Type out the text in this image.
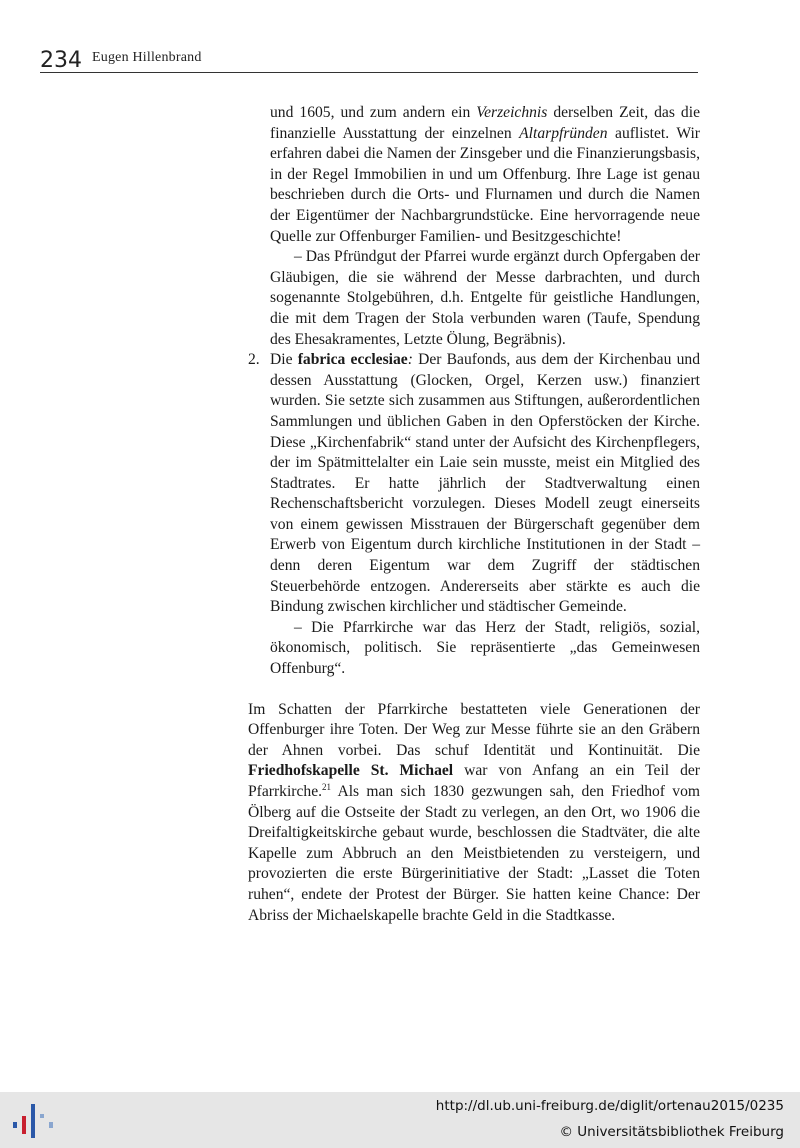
234 Eugen Hillenbrand

und 1605, und zum andern ein Verzeichnis derselben Zeit, das die finanzielle Ausstattung der einzelnen Altarpfründen auflistet. Wir erfahren dabei die Namen der Zinsgeber und die Finanzierungsbasis, in der Regel Immobilien in und um Offenburg. Ihre Lage ist genau beschrieben durch die Orts- und Flurnamen und durch die Namen der Eigentümer der Nachbargrundstücke. Eine hervorragende neue Quelle zur Offenburger Familien- und Besitzgeschichte!

– Das Pfründgut der Pfarrei wurde ergänzt durch Opfergaben der Gläubigen, die sie während der Messe darbrachten, und durch sogenannte Stolgebühren, d.h. Entgelte für geistliche Handlungen, die mit dem Tragen der Stola verbunden waren (Taufe, Spendung des Ehesakramentes, Letzte Ölung, Begräbnis).

2. Die fabrica ecclesiae: Der Baufonds, aus dem der Kirchenbau und dessen Ausstattung (Glocken, Orgel, Kerzen usw.) finanziert wurden. Sie setzte sich zusammen aus Stiftungen, außerordentlichen Sammlungen und üblichen Gaben in den Opferstöcken der Kirche. Diese „Kirchenfabrik“ stand unter der Aufsicht des Kirchenpflegers, der im Spätmittelalter ein Laie sein musste, meist ein Mitglied des Stadtrates. Er hatte jährlich der Stadtverwaltung einen Rechenschaftsbericht vorzulegen. Dieses Modell zeugt einerseits von einem gewissen Misstrauen der Bürgerschaft gegenüber dem Erwerb von Eigentum durch kirchliche Institutionen in der Stadt – denn deren Eigentum war dem Zugriff der städtischen Steuerbehörde entzogen. Andererseits aber stärkte es auch die Bindung zwischen kirchlicher und städtischer Gemeinde.

– Die Pfarrkirche war das Herz der Stadt, religiös, sozial, ökonomisch, politisch. Sie repräsentierte „das Gemeinwesen Offenburg“.

Im Schatten der Pfarrkirche bestatteten viele Generationen der Offenburger ihre Toten. Der Weg zur Messe führte sie an den Gräbern der Ahnen vorbei. Das schuf Identität und Kontinuität. Die Friedhofskapelle St. Michael war von Anfang an ein Teil der Pfarrkirche.$^{21}$ Als man sich 1830 gezwungen sah, den Friedhof vom Ölberg auf die Ostseite der Stadt zu verlegen, an den Ort, wo 1906 die Dreifaltigkeitskirche gebaut wurde, beschlossen die Stadtväter, die alte Kapelle zum Abbruch an den Meistbietenden zu versteigern, und provozierten die erste Bürgerinitiative der Stadt: „Lasset die Toten ruhen“, endete der Protest der Bürger. Sie hatten keine Chance: Der Abriss der Michaelskapelle brachte Geld in die Stadtkasse.

http://dl.ub.uni-freiburg.de/diglit/ortenau2015/0235
© Universitätsbibliothek Freiburg
